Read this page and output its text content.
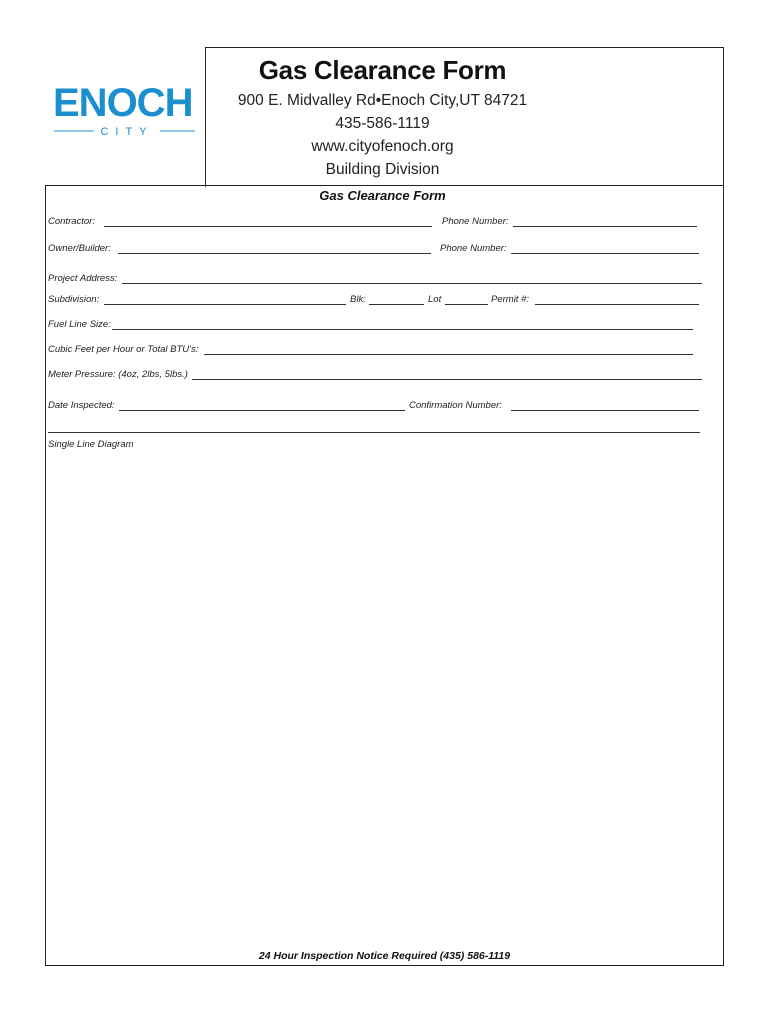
Gas Clearance Form
900 E. Midvalley Rd•Enoch City,UT 84721
435-586-1119
www.cityofenoch.org
Building Division
ENOCH
CITY
Gas Clearance Form
Contractor:	Phone Number:
Owner/Builder:	Phone Number:
Project Address:
Subdivision:	Blk:	Lot	Permit #:
Fuel Line Size:
Cubic Feet per Hour or Total BTU's:
Meter Pressure: (4oz, 2lbs, 5lbs.)
Date Inspected:	Confirmation Number:
Single Line Diagram
24 Hour Inspection Notice Required (435) 586-1119
